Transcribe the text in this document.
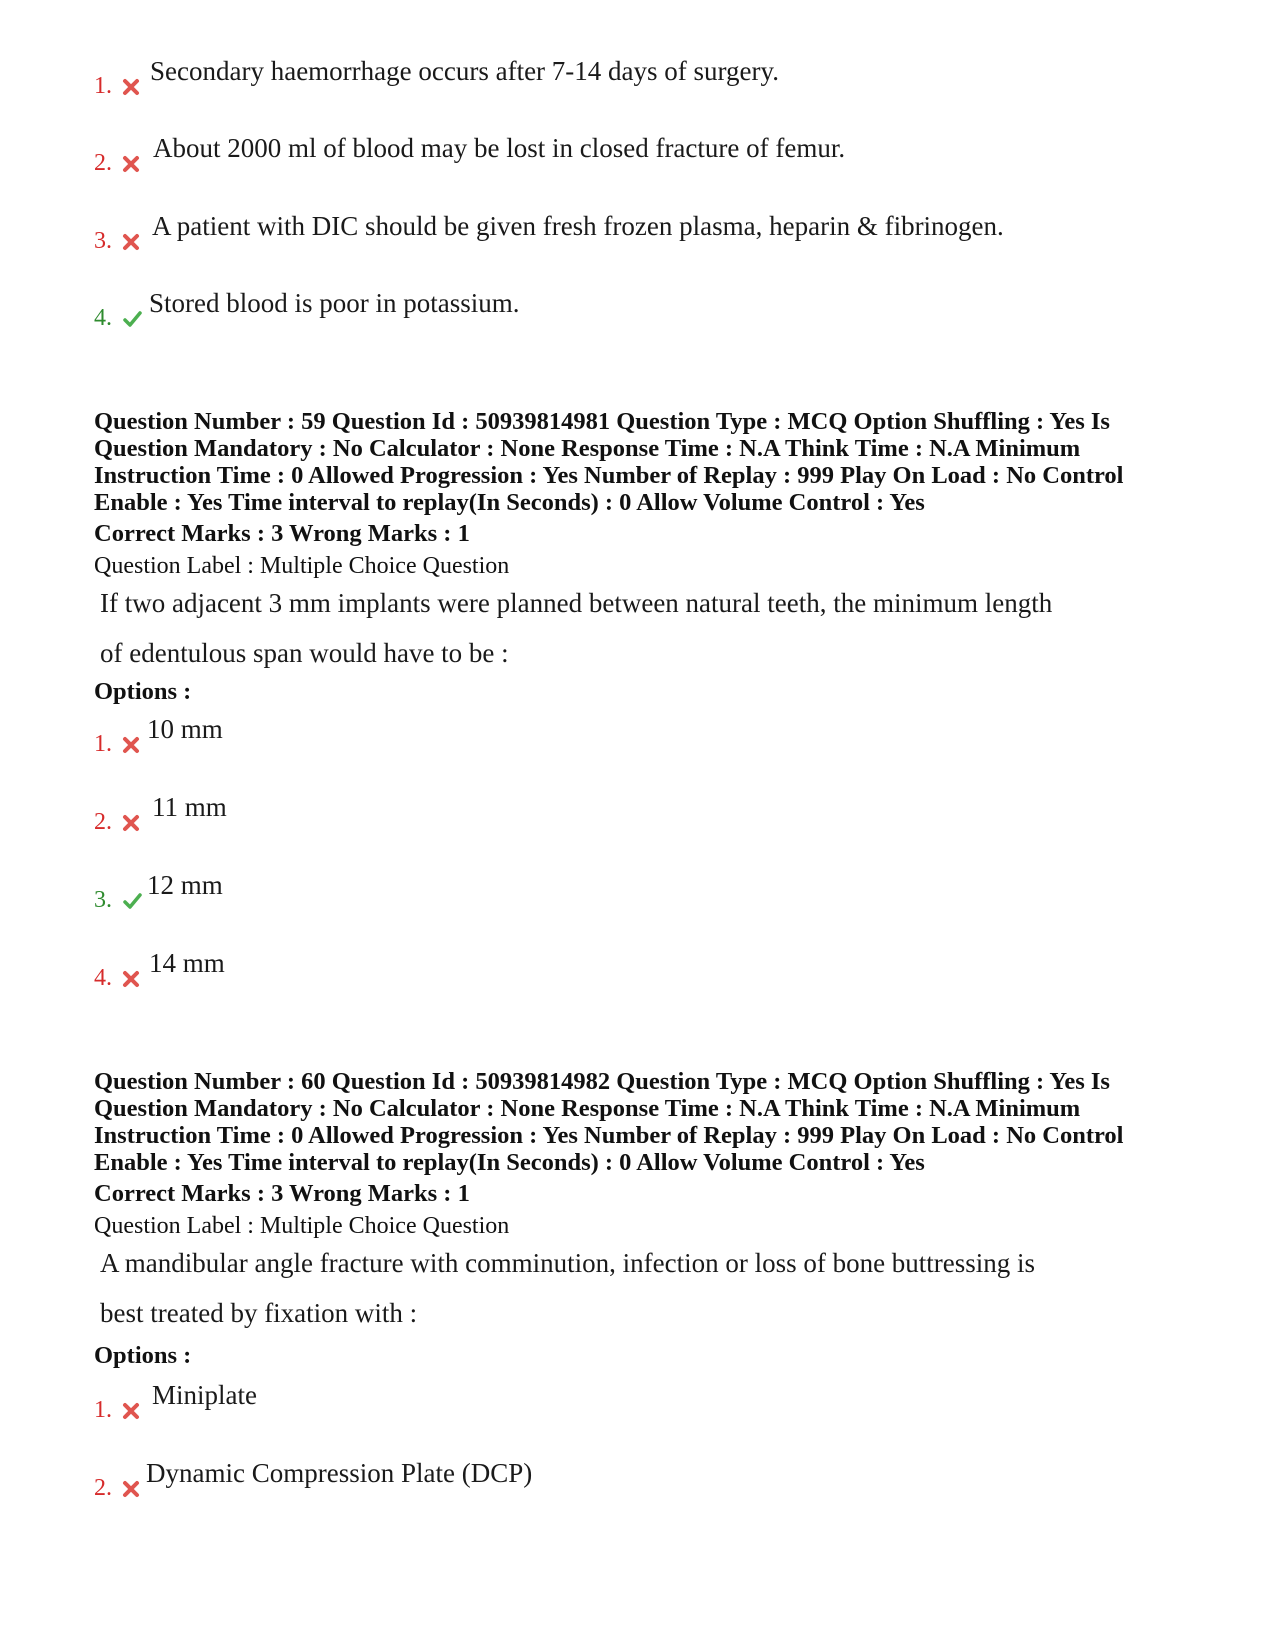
1. Secondary haemorrhage occurs after 7-14 days of surgery.
2. About 2000 ml of blood may be lost in closed fracture of femur.
3. A patient with DIC should be given fresh frozen plasma, heparin & fibrinogen.
4. Stored blood is poor in potassium.

Question Number : 59 Question Id : 50939814981 Question Type : MCQ Option Shuffling : Yes Is Question Mandatory : No Calculator : None Response Time : N.A Think Time : N.A Minimum Instruction Time : 0 Allowed Progression : Yes Number of Replay : 999 Play On Load : No Control Enable : Yes Time interval to replay(In Seconds) : 0 Allow Volume Control : Yes

Correct Marks : 3 Wrong Marks : 1
Question Label : Multiple Choice Question
If two adjacent 3 mm implants were planned between natural teeth, the minimum length
of edentulous span would have to be :
Options :
1. 10 mm
2. 11 mm
3. 12 mm
4. 14 mm

Question Number : 60 Question Id : 50939814982 Question Type : MCQ Option Shuffling : Yes Is Question Mandatory : No Calculator : None Response Time : N.A Think Time : N.A Minimum Instruction Time : 0 Allowed Progression : Yes Number of Replay : 999 Play On Load : No Control Enable : Yes Time interval to replay(In Seconds) : 0 Allow Volume Control : Yes

Correct Marks : 3 Wrong Marks : 1
Question Label : Multiple Choice Question
A mandibular angle fracture with comminution, infection or loss of bone buttressing is
best treated by fixation with :
Options :
1. Miniplate
2. Dynamic Compression Plate (DCP)
